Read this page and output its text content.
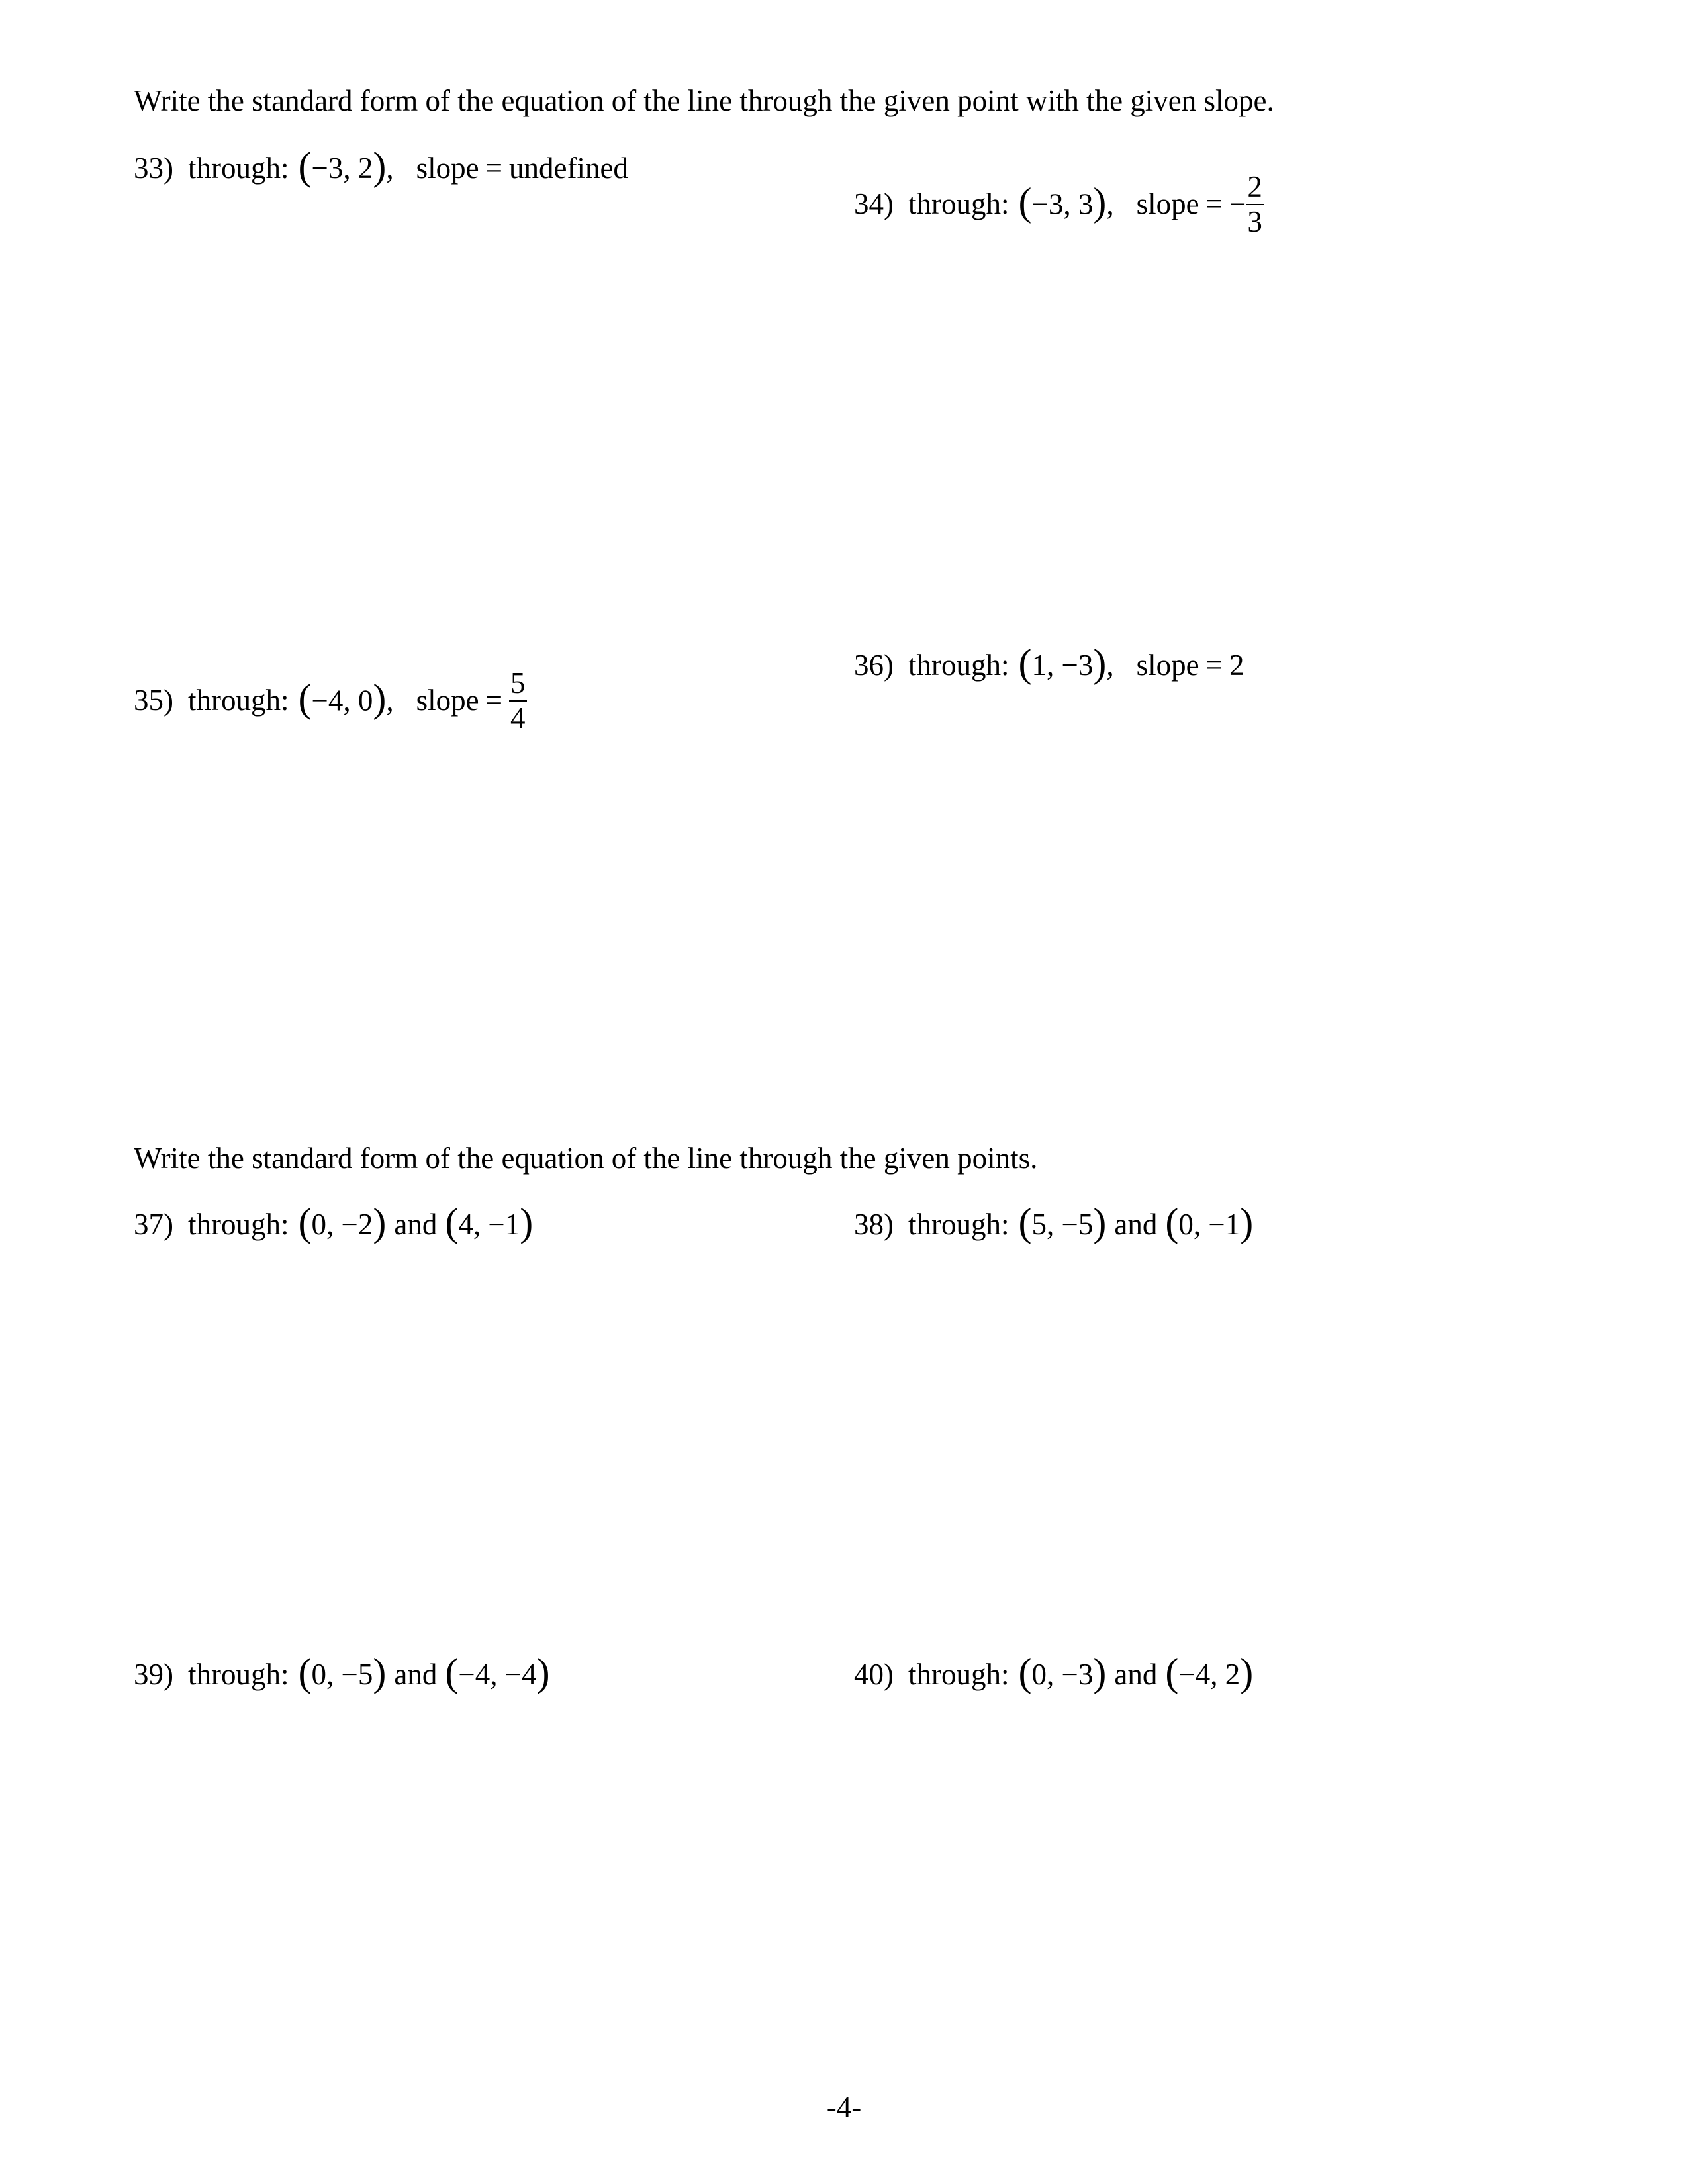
Write the standard form of the equation of the line through the given point with the given slope.
33) through: (−3, 2), slope = undefined
34) through: (−3, 3), slope = − $\frac{2}{3}$
35) through: (−4, 0), slope = $\frac{5}{4}$
36) through: (1, −3), slope = 2
Write the standard form of the equation of the line through the given points.
37) through: (0, −2) and (4, −1)	38) through: (5, −5) and (0, −1)
39) through: (0, −5) and (−4, −4)	40) through: (0, −3) and (−4, 2)
-4-
